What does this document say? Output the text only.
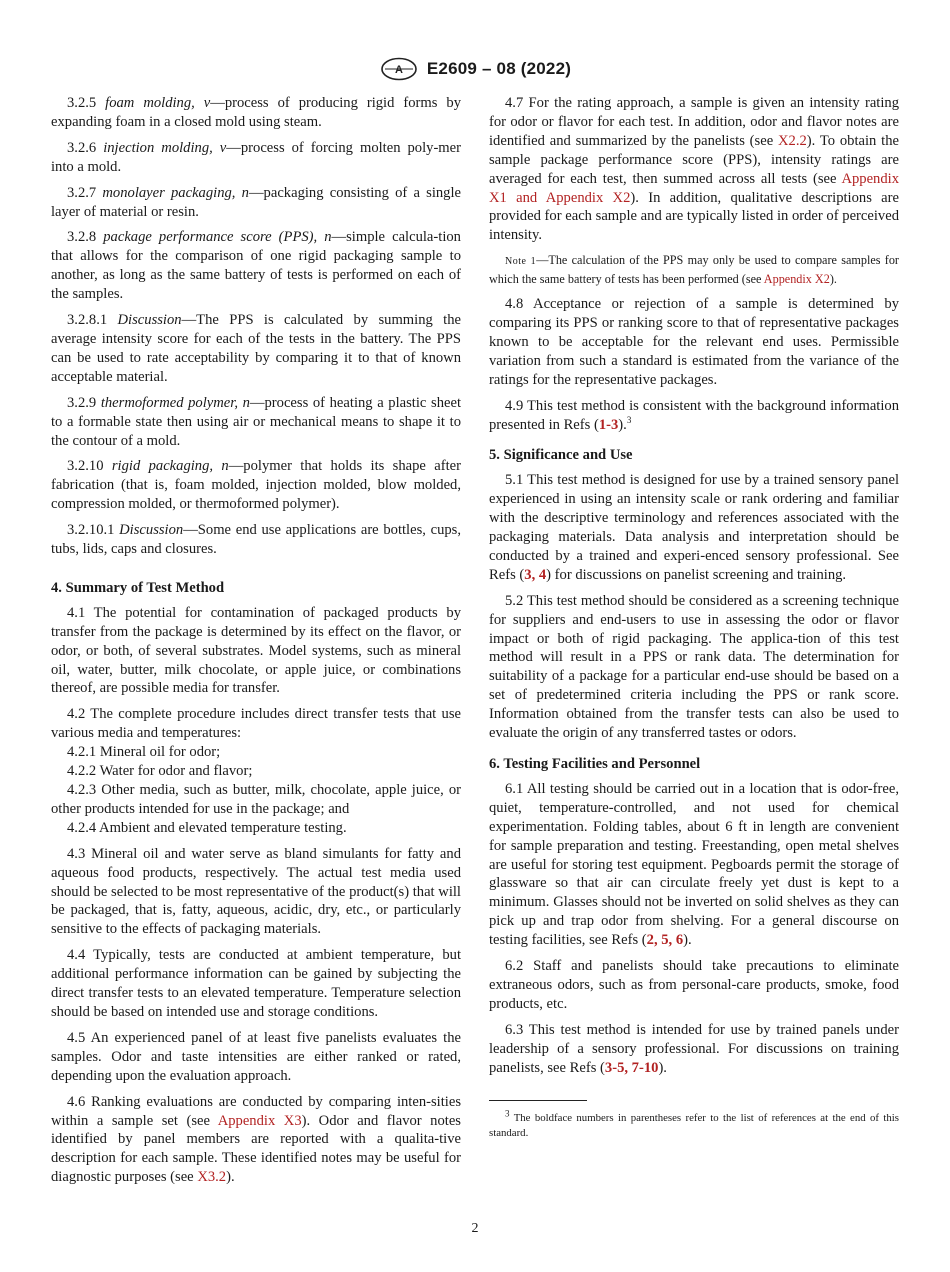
A E2609 – 08 (2022)

3.2.5 foam molding, v—process of producing rigid forms by expanding foam in a closed mold using steam.

3.2.6 injection molding, v—process of forcing molten poly-mer into a mold.

3.2.7 monolayer packaging, n—packaging consisting of a single layer of material or resin.

3.2.8 package performance score (PPS), n—simple calcula-tion that allows for the comparison of one rigid packaging sample to another, as long as the same battery of tests is performed on each of the samples.

3.2.8.1 Discussion—The PPS is calculated by summing the average intensity score for each of the tests in the battery. The PPS can be used to rate acceptability by comparing it to that of known acceptable material.

3.2.9 thermoformed polymer, n—process of heating a plastic sheet to a formable state then using air or mechanical means to shape it to the contour of a mold.

3.2.10 rigid packaging, n—polymer that holds its shape after fabrication (that is, foam molded, injection molded, blow molded, compression molded, or thermoformed polymer).

3.2.10.1 Discussion—Some end use applications are bottles, cups, tubs, lids, caps and closures.

4. Summary of Test Method

4.1 The potential for contamination of packaged products by transfer from the package is determined by its effect on the flavor, or odor, or both, of several substrates. Model systems, such as mineral oil, water, butter, milk chocolate, or apple juice, or combinations thereof, are possible media for transfer.

4.2 The complete procedure includes direct transfer tests that use various media and temperatures:

4.2.1 Mineral oil for odor;

4.2.2 Water for odor and flavor;

4.2.3 Other media, such as butter, milk, chocolate, apple juice, or other products intended for use in the package; and

4.2.4 Ambient and elevated temperature testing.

4.3 Mineral oil and water serve as bland simulants for fatty and aqueous food products, respectively. The actual test media used should be selected to be most representative of the product(s) that will be packaged, that is, fatty, aqueous, acidic, dry, etc., or particularly sensitive to the effects of packaging materials.

4.4 Typically, tests are conducted at ambient temperature, but additional performance information can be gained by subjecting the direct transfer tests to an elevated temperature. Temperature selection should be based on intended use and storage conditions.

4.5 An experienced panel of at least five panelists evaluates the samples. Odor and taste intensities are either ranked or rated, depending upon the evaluation approach.

4.6 Ranking evaluations are conducted by comparing inten-sities within a sample set (see Appendix X3). Odor and flavor notes identified by panel members are reported with a qualita-tive description for each sample. These identified notes may be useful for diagnostic purposes (see X3.2).

4.7 For the rating approach, a sample is given an intensity rating for odor or flavor for each test. In addition, odor and flavor notes are identified and summarized by the panelists (see X2.2). To obtain the sample package performance score (PPS), intensity ratings are averaged for each test, then summed across all tests (see Appendix X1 and Appendix X2). In addition, qualitative descriptions are provided for each sample and are typically listed in order of perceived intensity.

Note 1—The calculation of the PPS may only be used to compare samples for which the same battery of tests has been performed (see Appendix X2).

4.8 Acceptance or rejection of a sample is determined by comparing its PPS or ranking score to that of representative packages known to be acceptable for the relevant end uses. Permissible variation from such a standard is estimated from the variance of the ratings for the representative packages.

4.9 This test method is consistent with the background information presented in Refs (1-3).$^3$

5. Significance and Use

5.1 This test method is designed for use by a trained sensory panel experienced in using an intensity scale or rank ordering and familiar with the descriptive terminology and references associated with the packaging materials. Data analysis and interpretation should be conducted by a trained and experi-enced sensory professional. See Refs (3, 4) for discussions on panelist screening and training.

5.2 This test method should be considered as a screening technique for suppliers and end-users to use in assessing the odor or flavor impact or both of rigid packaging. The applica-tion of this test method will result in a PPS or rank data. The determination for suitability of a package for a particular end-use should be based on a set of predetermined criteria including the PPS or rank score. Information obtained from the transfer tests can also be used to evaluate the origin of any transferred tastes or odors.

6. Testing Facilities and Personnel

6.1 All testing should be carried out in a location that is odor-free, quiet, temperature-controlled, and not used for chemical experimentation. Folding tables, about 6 ft in length are convenient for sample preparation and testing. Freestanding, open metal shelves are useful for storing test equipment. Pegboards permit the storage of glassware so that air can circulate freely yet dust is kept to a minimum. Glasses should not be inverted on solid shelves as they can pick up and trap odor from shelving. For a general discourse on testing facilities, see Refs (2, 5, 6).

6.2 Staff and panelists should take precautions to eliminate extraneous odors, such as from personal-care products, smoke, food products, etc.

6.3 This test method is intended for use by trained panels under leadership of a sensory professional. For discussions on training panelists, see Refs (3-5, 7-10).

$^3$ The boldface numbers in parentheses refer to the list of references at the end of this standard.

2
